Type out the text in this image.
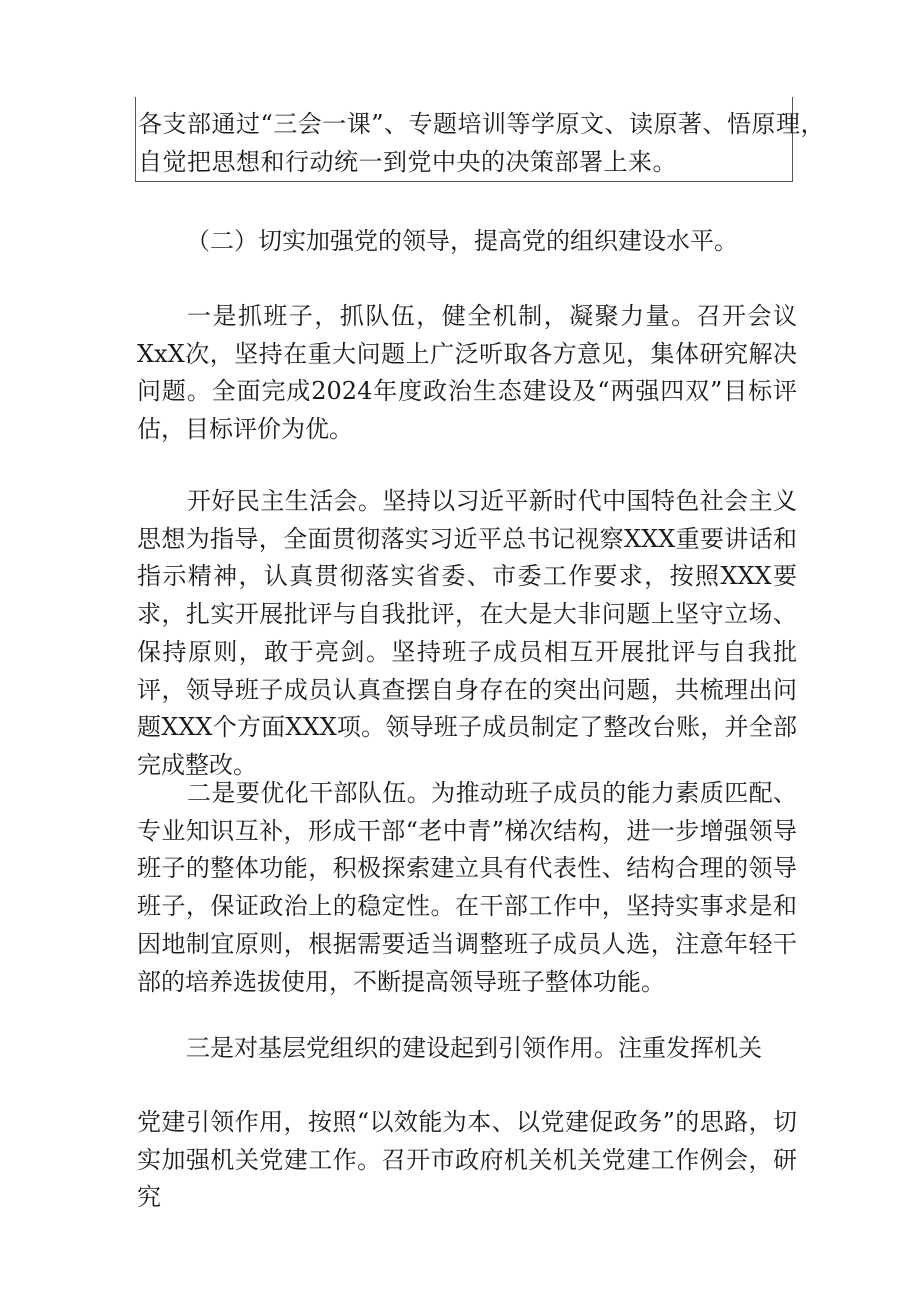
各支部通过“三会一课”、专题培训等学原文、读原著、悟原理，
自觉把思想和行动统一到党中央的决策部署上来。
（二）切实加强党的领导，提高党的组织建设水平。
一是抓班子，抓队伍，健全机制，凝聚力量。召开会议XxX次，坚持在重大问题上广泛听取各方意见，集体研究解决问题。全面完成2024年度政治生态建设及“两强四双”目标评估，目标评价为优。
开好民主生活会。坚持以习近平新时代中国特色社会主义思想为指导，全面贯彻落实习近平总书记视察XXX重要讲话和指示精神，认真贯彻落实省委、市委工作要求，按照XXX要求，扎实开展批评与自我批评，在大是大非问题上坚守立场、保持原则，敢于亮剑。坚持班子成员相互开展批评与自我批评，领导班子成员认真查摆自身存在的突出问题，共梳理出问题XXX个方面XXX项。领导班子成员制定了整改台账，并全部完成整改。
二是要优化干部队伍。为推动班子成员的能力素质匹配、专业知识互补，形成干部“老中青”梯次结构，进一步增强领导班子的整体功能，积极探索建立具有代表性、结构合理的领导班子，保证政治上的稳定性。在干部工作中，坚持实事求是和因地制宜原则，根据需要适当调整班子成员人选，注意年轻干部的培养选拔使用，不断提高领导班子整体功能。
三是对基层党组织的建设起到引领作用。注重发挥机关
党建引领作用，按照“以效能为本、以党建促政务”的思路，切实加强机关党建工作。召开市政府机关机关党建工作例会，研究
